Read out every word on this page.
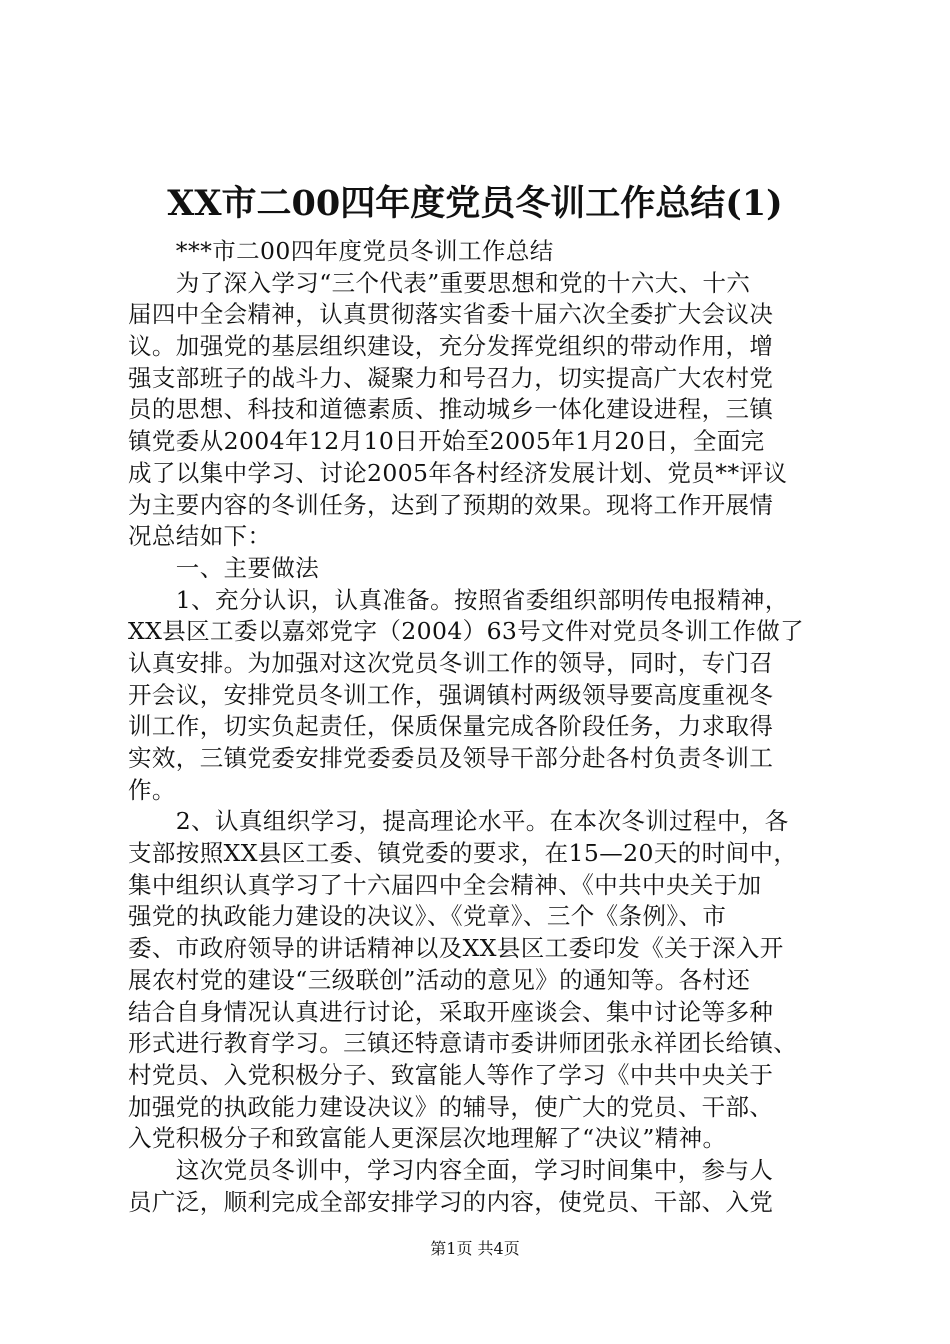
XX市二00四年度党员冬训工作总结(1)
　　***市二00四年度党员冬训工作总结
　　为了深入学习“三个代表”重要思想和党的十六大、十六
届四中全会精神，认真贯彻落实省委十届六次全委扩大会议决
议。加强党的基层组织建设，充分发挥党组织的带动作用，增
强支部班子的战斗力、凝聚力和号召力，切实提高广大农村党
员的思想、科技和道德素质、推动城乡一体化建设进程，三镇
镇党委从2004年12月10日开始至2005年1月20日，全面完
成了以集中学习、讨论2005年各村经济发展计划、党员**评议
为主要内容的冬训任务，达到了预期的效果。现将工作开展情
况总结如下：
　　一、主要做法
　　1、充分认识，认真准备。按照省委组织部明传电报精神，
XX县区工委以嘉郊党字（2004）63号文件对党员冬训工作做了
认真安排。为加强对这次党员冬训工作的领导，同时，专门召
开会议，安排党员冬训工作，强调镇村两级领导要高度重视冬
训工作，切实负起责任，保质保量完成各阶段任务，力求取得
实效，三镇党委安排党委委员及领导干部分赴各村负责冬训工
作。
　　2、认真组织学习，提高理论水平。在本次冬训过程中，各
支部按照XX县区工委、镇党委的要求，在15—20天的时间中，
集中组织认真学习了十六届四中全会精神、《中共中央关于加
强党的执政能力建设的决议》、《党章》、三个《条例》、市
委、市政府领导的讲话精神以及XX县区工委印发《关于深入开
展农村党的建设“三级联创”活动的意见》的通知等。各村还
结合自身情况认真进行讨论，采取开座谈会、集中讨论等多种
形式进行教育学习。三镇还特意请市委讲师团张永祥团长给镇、
村党员、入党积极分子、致富能人等作了学习《中共中央关于
加强党的执政能力建设决议》的辅导，使广大的党员、干部、
入党积极分子和致富能人更深层次地理解了“决议”精神。
　　这次党员冬训中，学习内容全面，学习时间集中，参与人
员广泛，顺利完成全部安排学习的内容，使党员、干部、入党
第1页 共4页
